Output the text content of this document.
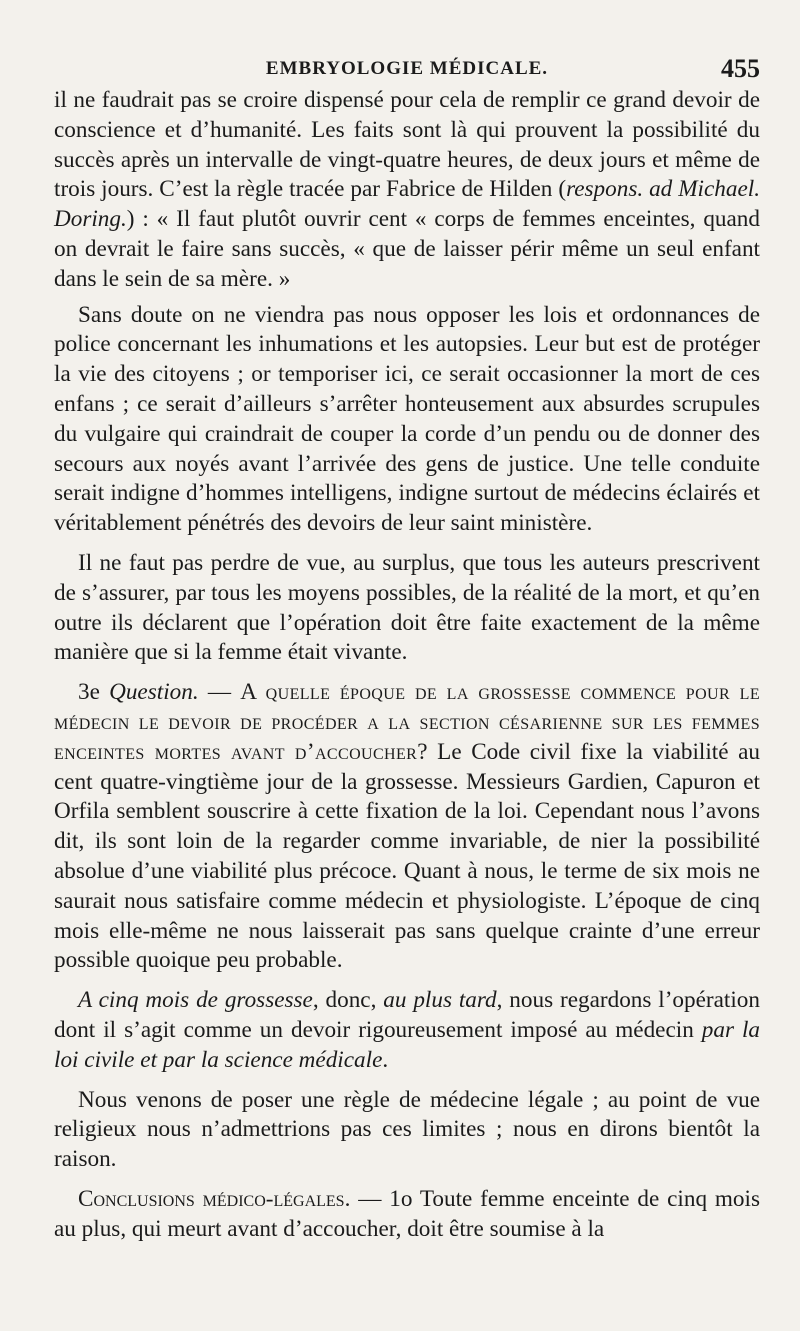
EMBRYOLOGIE MÉDICALE.	455

il ne faudrait pas se croire dispensé pour cela de remplir ce grand devoir de conscience et d’humanité. Les faits sont là qui prouvent la possibilité du succès après un intervalle de vingt-quatre heures, de deux jours et même de trois jours. C’est la règle tracée par Fabrice de Hilden (respons. ad Michael. Doring.) : « Il faut plutôt ouvrir cent « corps de femmes enceintes, quand on devrait le faire sans succès, « que de laisser périr même un seul enfant dans le sein de sa mère. »

Sans doute on ne viendra pas nous opposer les lois et ordonnances de police concernant les inhumations et les autopsies. Leur but est de protéger la vie des citoyens ; or temporiser ici, ce serait occasionner la mort de ces enfans ; ce serait d’ailleurs s’arrêter honteusement aux absurdes scrupules du vulgaire qui craindrait de couper la corde d’un pendu ou de donner des secours aux noyés avant l’arrivée des gens de justice. Une telle conduite serait indigne d’hommes intelligens, indigne surtout de médecins éclairés et véritablement pénétrés des devoirs de leur saint ministère.

Il ne faut pas perdre de vue, au surplus, que tous les auteurs prescrivent de s’assurer, par tous les moyens possibles, de la réalité de la mort, et qu’en outre ils déclarent que l’opération doit être faite exactement de la même manière que si la femme était vivante.

3e Question. — A quelle époque de la grossesse commence pour le médecin le devoir de procéder a la section césarienne sur les femmes enceintes mortes avant d’accoucher? Le Code civil fixe la viabilité au cent quatre-vingtième jour de la grossesse. Messieurs Gardien, Capuron et Orfila semblent souscrire à cette fixation de la loi. Cependant nous l’avons dit, ils sont loin de la regarder comme invariable, de nier la possibilité absolue d’une viabilité plus précoce. Quant à nous, le terme de six mois ne saurait nous satisfaire comme médecin et physiologiste. L’époque de cinq mois elle-même ne nous laisserait pas sans quelque crainte d’une erreur possible quoique peu probable.

A cinq mois de grossesse, donc, au plus tard, nous regardons l’opération dont il s’agit comme un devoir rigoureusement imposé au médecin par la loi civile et par la science médicale.

Nous venons de poser une règle de médecine légale ; au point de vue religieux nous n’admettrions pas ces limites ; nous en dirons bientôt la raison.

Conclusions médico-légales. — 1o Toute femme enceinte de cinq mois au plus, qui meurt avant d’accoucher, doit être soumise à la
